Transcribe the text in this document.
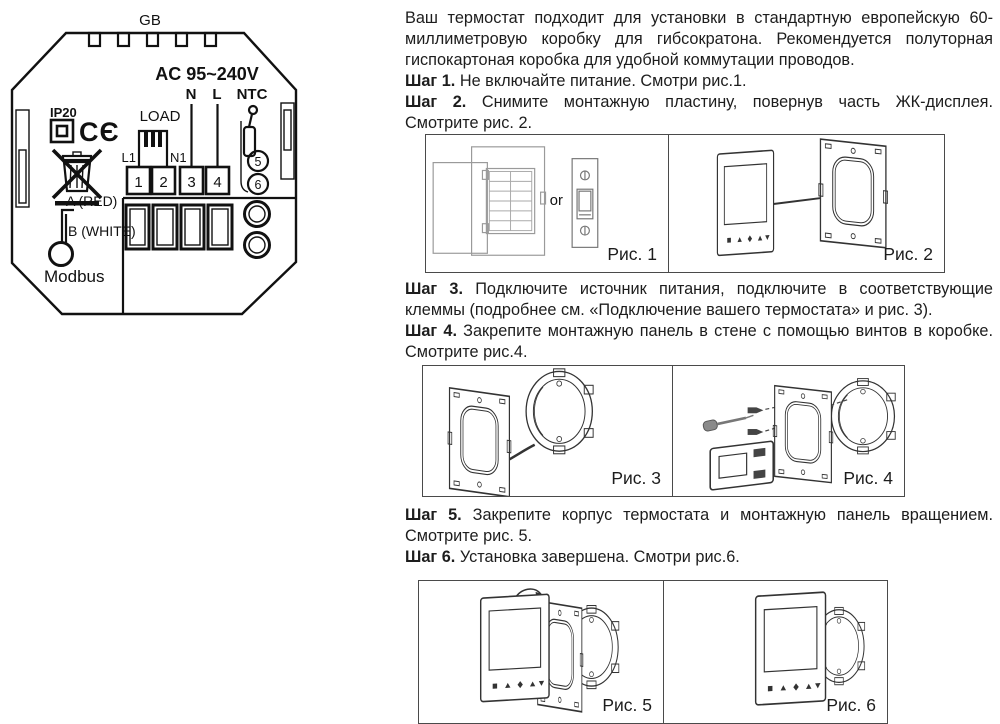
GB
AC 95~240V
IP20
CЄ
LOAD
L1	N1
N L
1 2 3 4
NTC
5
6
A (RED)
B (WHITE)
Modbus

Ваш термостат подходит для установки в стандартную европейскую 60-миллиметровую коробку для гибсократона. Рекомендуется полуторная гиспокартоная коробка для удобной коммутации проводов.

Шаг 1. Не включайте питание. Смотри рис.1.

Шаг 2. Снимите монтажную пластину, повернув часть ЖК-дисплея. Смотрите рис. 2.

or
Рис. 1	Рис. 2

Шаг 3. Подключите источник питания, подключите в соответствующие клеммы (подробнее см. «Подключение вашего термостата» и рис. 3).

Шаг 4. Закрепите монтажную панель в стене с помощью винтов в коробке. Смотрите рис.4.

Рис. 3	Рис. 4

Шаг 5. Закрепите корпус термостата и монтажную панель вращением. Смотрите рис. 5.

Шаг 6. Установка завершена. Смотри рис.6.

Рис. 5	Рис. 6
